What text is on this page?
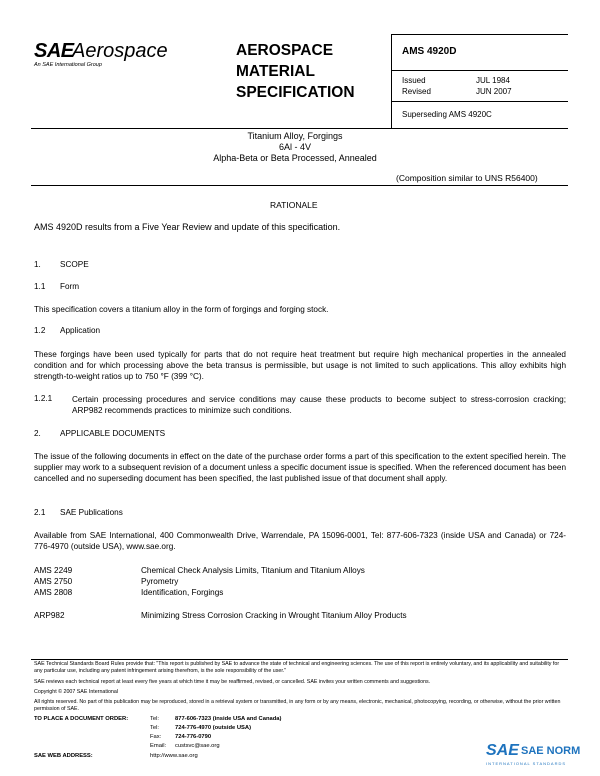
SAE
Aerospace
An SAE International Group
AEROSPACE
MATERIAL
SPECIFICATION
AMS 4920D
Issued	JUL 1984
Revised	JUN 2007
Superseding AMS 4920C
Titanium Alloy, Forgings
6Al - 4V
Alpha-Beta or Beta Processed, Annealed
(Composition similar to UNS R56400)
RATIONALE
AMS 4920D results from a Five Year Review and update of this specification.
1. SCOPE
1.1 Form
This specification covers a titanium alloy in the form of forgings and forging stock.
1.2 Application
These forgings have been used typically for parts that do not require heat treatment but require high mechanical properties in the annealed condition and for which processing above the beta transus is permissible, but usage is not limited to such applications. This alloy exhibits high strength-to-weight ratios up to 750 °F (399 °C).
1.2.1 Certain processing procedures and service conditions may cause these products to become subject to stress-corrosion cracking; ARP982 recommends practices to minimize such conditions.
2. APPLICABLE DOCUMENTS
The issue of the following documents in effect on the date of the purchase order forms a part of this specification to the extent specified herein. The supplier may work to a subsequent revision of a document unless a specific document issue is specified. When the referenced document has been cancelled and no superseding document has been specified, the last published issue of that document shall apply.
2.1 SAE Publications
Available from SAE International, 400 Commonwealth Drive, Warrendale, PA 15096-0001, Tel: 877-606-7323 (inside USA and Canada) or 724-776-4970 (outside USA), www.sae.org.
AMS 2249	Chemical Check Analysis Limits, Titanium and Titanium Alloys
AMS 2750	Pyrometry
AMS 2808	Identification, Forgings
ARP982	Minimizing Stress Corrosion Cracking in Wrought Titanium Alloy Products
SAE Technical Standards Board Rules provide that: "This report is published by SAE to advance the state of technical and engineering sciences. The use of this report is entirely voluntary, and its applicability and suitability for any particular use, including any patent infringement arising therefrom, is the sole responsibility of the user."
SAE reviews each technical report at least every five years at which time it may be reaffirmed, revised, or cancelled. SAE invites your written comments and suggestions.
Copyright © 2007 SAE International
All rights reserved. No part of this publication may be reproduced, stored in a retrieval system or transmitted, in any form or by any means, electronic, mechanical, photocopying, recording, or otherwise, without the prior written permission of SAE.
TO PLACE A DOCUMENT ORDER:	Tel:	877-606-7323 (inside USA and Canada)
Tel:	724-776-4970 (outside USA)
Fax: 724-776-0790
Email: custsvc@sae.org
SAE WEB ADDRESS:	http://www.sae.org	SAE SAE NORM
INTERNATIONAL STANDARDS
